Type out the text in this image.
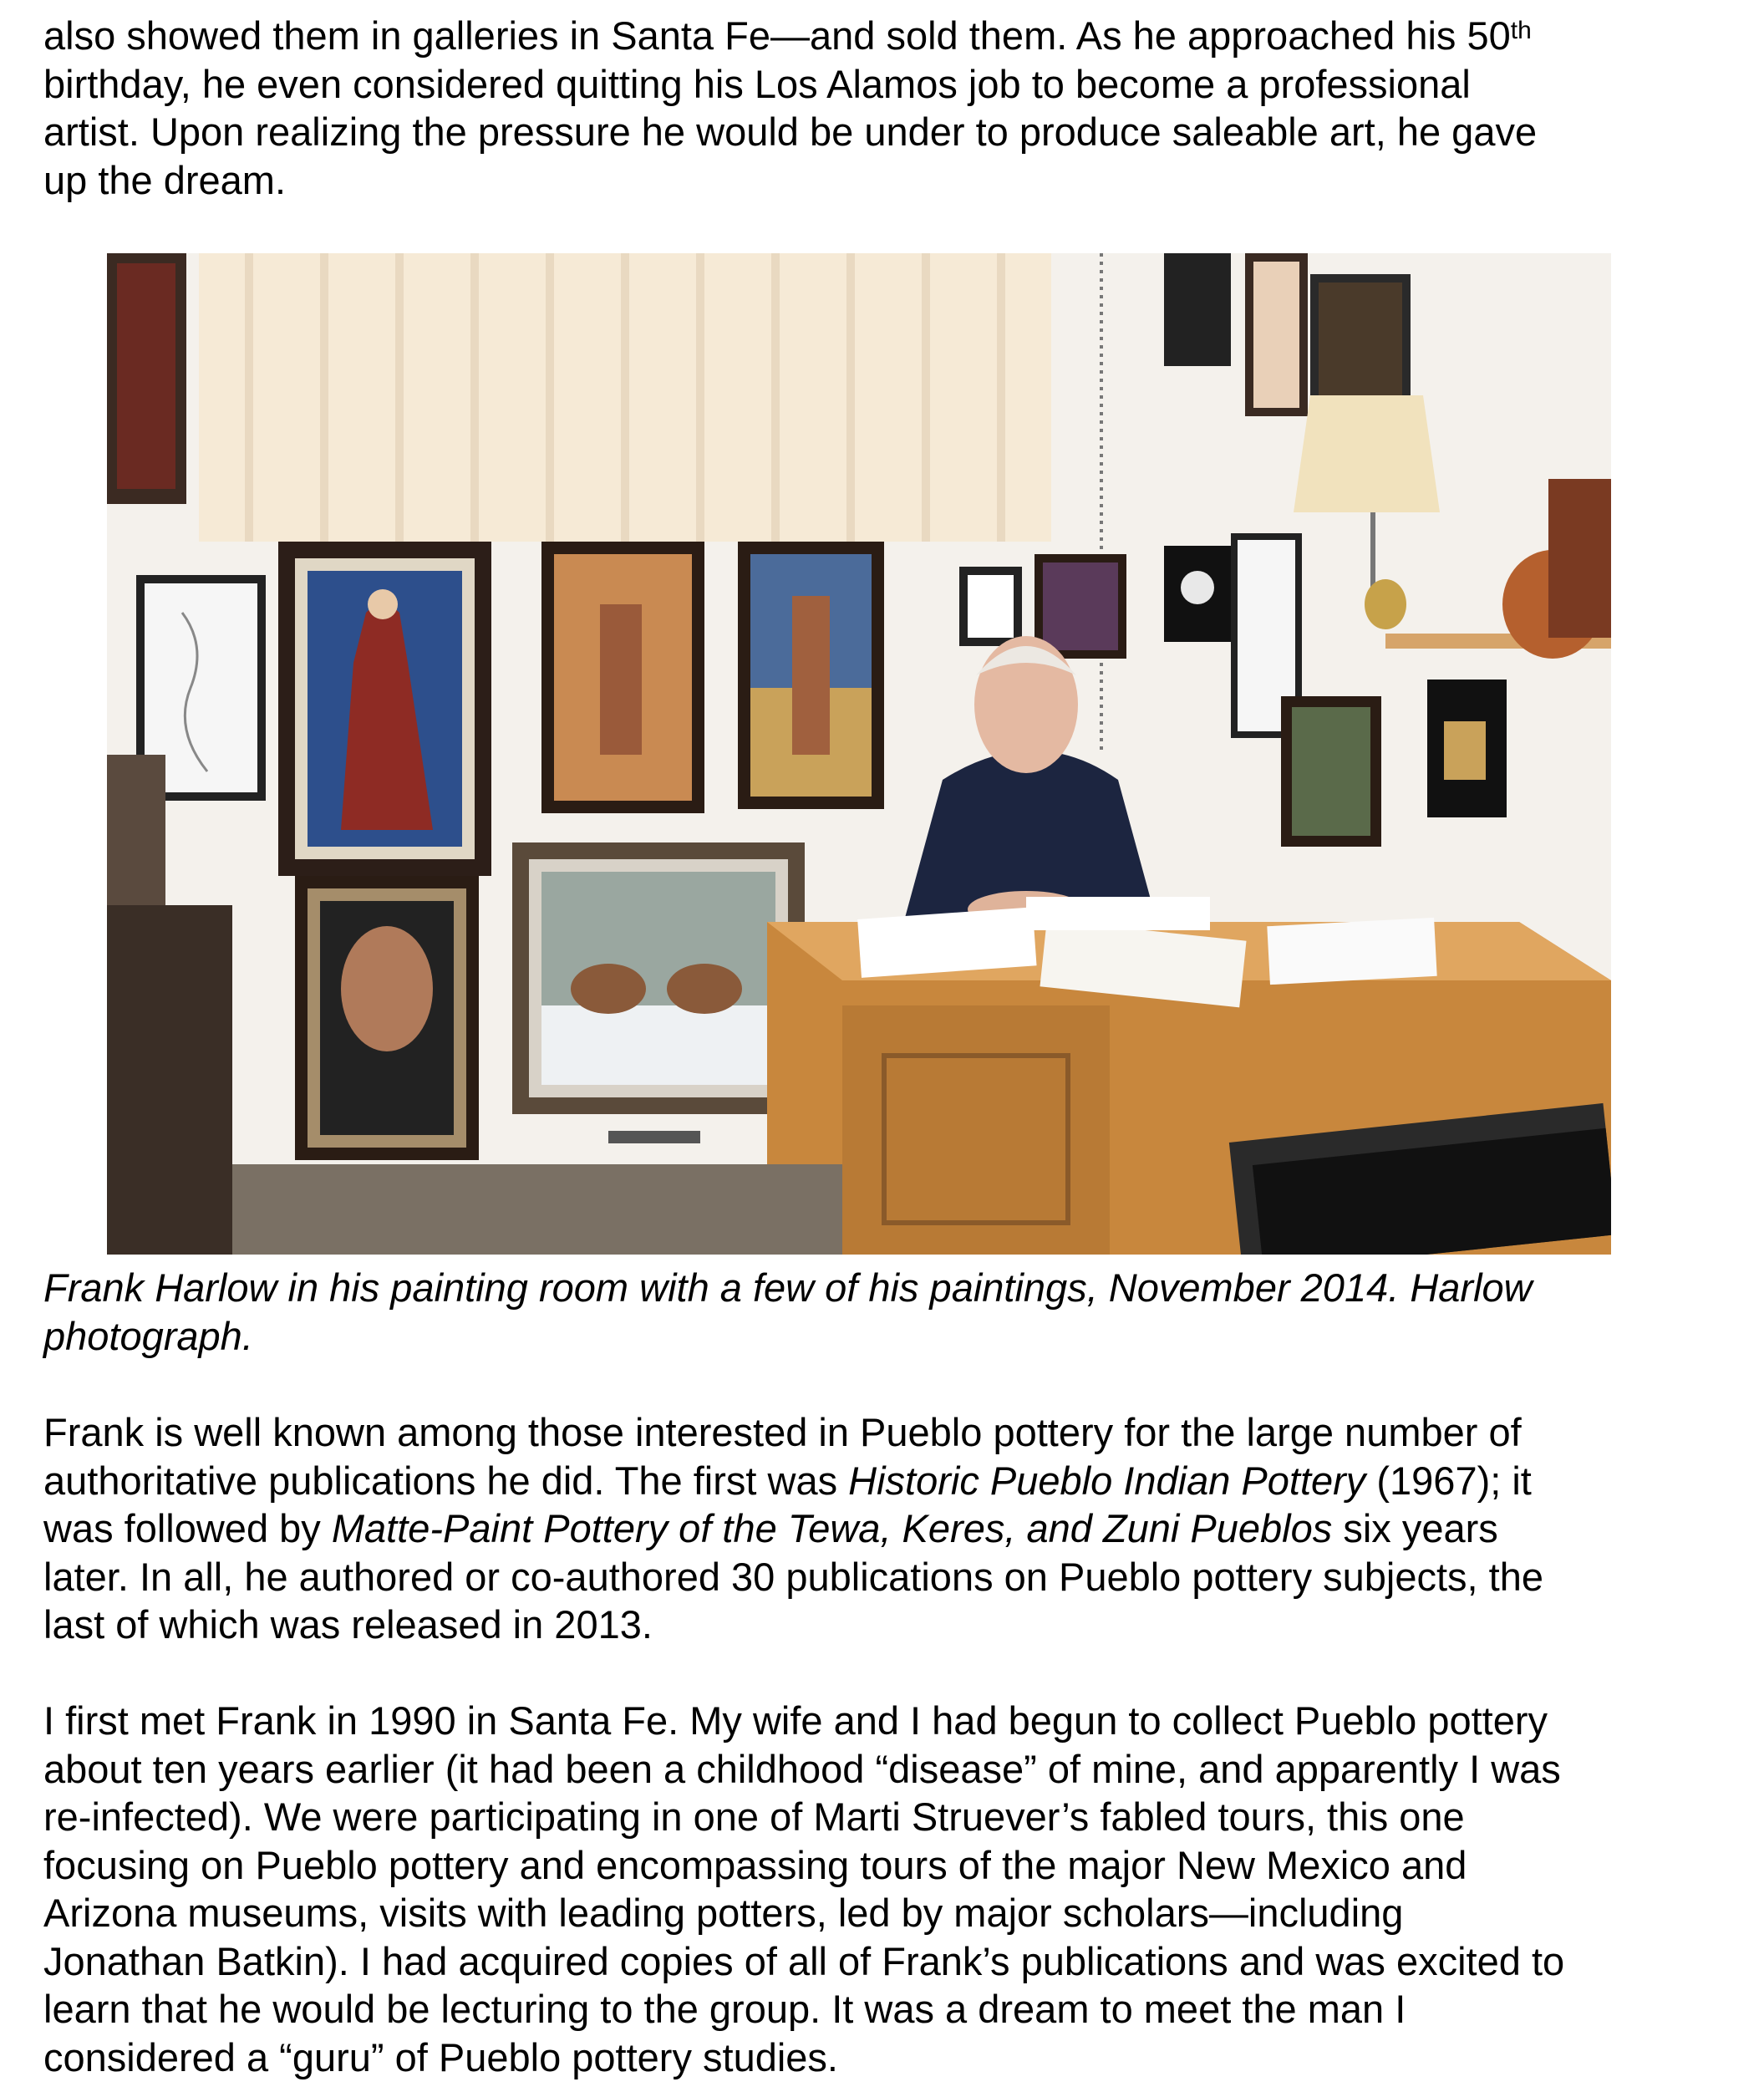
also showed them in galleries in Santa Fe—and sold them. As he approached his 50th
birthday, he even considered quitting his Los Alamos job to become a professional
artist. Upon realizing the pressure he would be under to produce saleable art, he gave
up the dream.

Frank Harlow in his painting room with a few of his paintings, November 2014. Harlow
photograph.

Frank is well known among those interested in Pueblo pottery for the large number of
authoritative publications he did. The first was Historic Pueblo Indian Pottery (1967); it
was followed by Matte-Paint Pottery of the Tewa, Keres, and Zuni Pueblos six years
later. In all, he authored or co-authored 30 publications on Pueblo pottery subjects, the
last of which was released in 2013.

I first met Frank in 1990 in Santa Fe. My wife and I had begun to collect Pueblo pottery
about ten years earlier (it had been a childhood “disease” of mine, and apparently I was
re-infected). We were participating in one of Marti Struever’s fabled tours, this one
focusing on Pueblo pottery and encompassing tours of the major New Mexico and
Arizona museums, visits with leading potters, led by major scholars—including
Jonathan Batkin). I had acquired copies of all of Frank’s publications and was excited to
learn that he would be lecturing to the group. It was a dream to meet the man I
considered a “guru” of Pueblo pottery studies.
